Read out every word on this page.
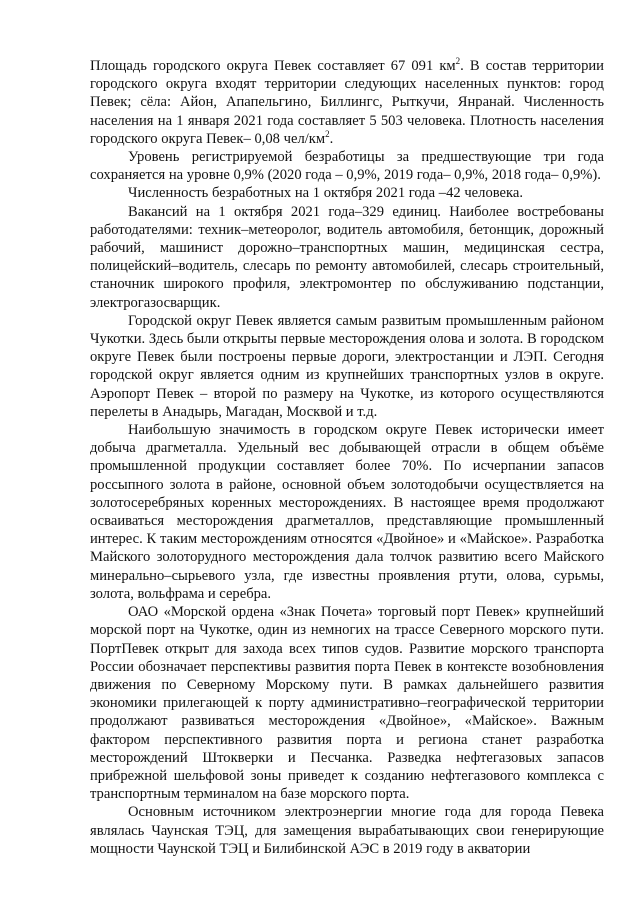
Площадь городского округа Певек составляет 67 091 $км^2$. В состав территории городского округа входят территории следующих населенных пунктов: город Певек; сёла: Айон, Апапельгино, Биллингс, Рыткучи, Янранай. Численность населения на 1 января 2021 года составляет 5 503 человека. Плотность населения городского округа Певек– 0,08 чел/$км^2$.

Уровень регистрируемой безработицы за предшествующие три года сохраняется на уровне 0,9% (2020 года – 0,9%, 2019 года– 0,9%, 2018 года– 0,9%).

Численность безработных на 1 октября 2021 года –42 человека.

Вакансий на 1 октября 2021 года–329 единиц. Наиболее востребованы работодателями: техник–метеоролог, водитель автомобиля, бетонщик, дорожный рабочий, машинист дорожно–транспортных машин, медицинская сестра, полицейский–водитель, слесарь по ремонту автомобилей, слесарь строительный, станочник широкого профиля, электромонтер по обслуживанию подстанции, электрогазосварщик.

Городской округ Певек является самым развитым промышленным районом Чукотки. Здесь были открыты первые месторождения олова и золота. В городском округе Певек были построены первые дороги, электростанции и ЛЭП. Сегодня городской округ является одним из крупнейших транспортных узлов в округе. Аэропорт Певек – второй по размеру на Чукотке, из которого осуществляются перелеты в Анадырь, Магадан, Москвой и т.д.

Наибольшую значимость в городском округе Певек исторически имеет добыча драгметалла. Удельный вес добывающей отрасли в общем объёме промышленной продукции составляет более 70%. По исчерпании запасов россыпного золота в районе, основной объем золотодобычи осуществляется на золотосеребряных коренных месторождениях. В настоящее время продолжают осваиваться месторождения драгметаллов, представляющие промышленный интерес. К таким месторождениям относятся «Двойное» и «Майское». Разработка Майского золоторудного месторождения дала толчок развитию всего Майского минерально–сырьевого узла, где известны проявления ртути, олова, сурьмы, золота, вольфрама и серебра.

ОАО «Морской ордена «Знак Почета» торговый порт Певек» крупнейший морской порт на Чукотке, один из немногих на трассе Северного морского пути. ПортПевек открыт для захода всех типов судов. Развитие морского транспорта России обозначает перспективы развития порта Певек в контексте возобновления движения по Северному Морскому пути. В рамках дальнейшего развития экономики прилегающей к порту административно–географической территории продолжают развиваться месторождения «Двойное», «Майское». Важным фактором перспективного развития порта и региона станет разработка месторождений Штокверки и Песчанка. Разведка нефтегазовых запасов прибрежной шельфовой зоны приведет к созданию нефтегазового комплекса с транспортным терминалом на базе морского порта.

Основным источником электроэнергии многие года для города Певека являлась Чаунская ТЭЦ, для замещения вырабатывающих свои генерирующие мощности Чаунской ТЭЦ и Билибинской АЭС в 2019 году в акватории
